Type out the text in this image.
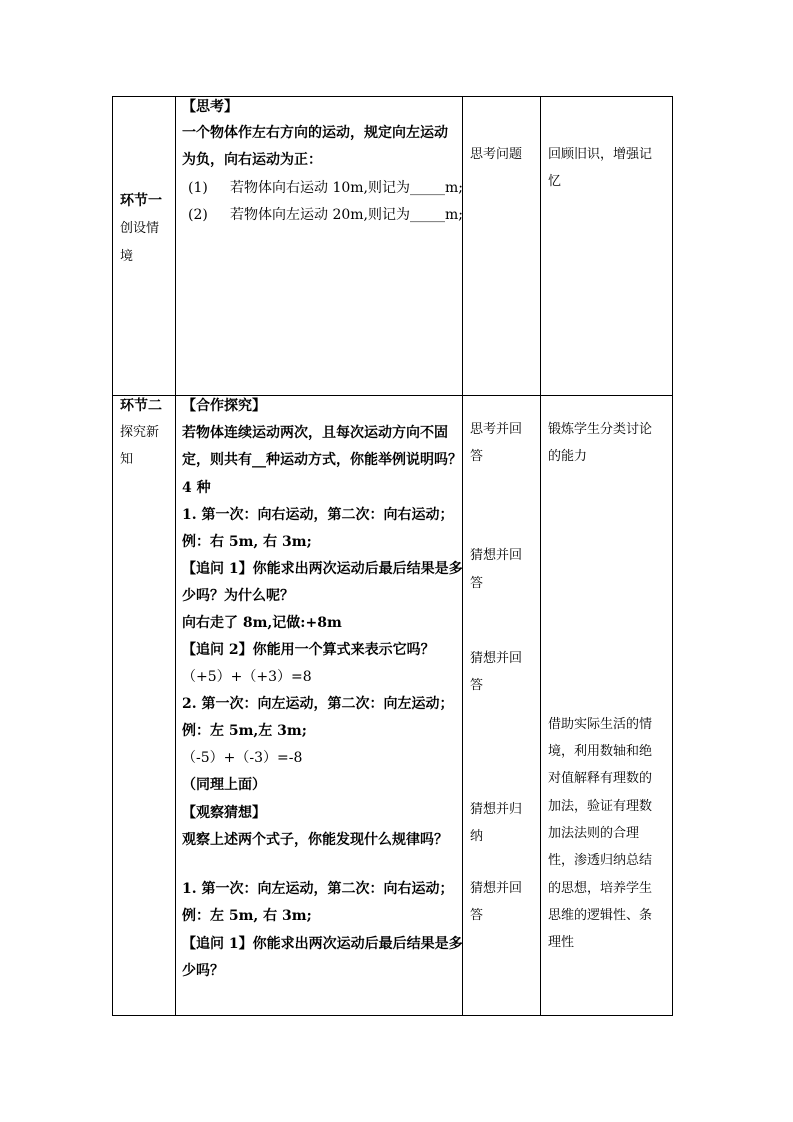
环节一
创设情
境
【思考】
一个物体作左右方向的运动，规定向左运动
为负，向右运动为正：
(1) 若物体向右运动 10m,则记为_____m;
(2) 若物体向左运动 20m,则记为_____m;
思考问题 回顾旧识，增强记
忆
环节二
探究新
知
【合作探究】
若物体连续运动两次，且每次运动方向不固
定，则共有__种运动方式，你能举例说明吗？
4 种
1. 第一次：向右运动，第二次：向右运动；
例：右 5m, 右 3m;
【追问 1】你能求出两次运动后最后结果是多
少吗？为什么呢？
向右走了 8m,记做:+8m
【追问 2】你能用一个算式来表示它吗？
（+5）+（+3）=8
2. 第一次：向左运动，第二次：向左运动；
例：左 5m,左 3m;
（-5）+（-3）=-8
（同理上面）
【观察猜想】
观察上述两个式子，你能发现什么规律吗？
1. 第一次：向左运动，第二次：向右运动；
例：左 5m, 右 3m;
【追问 1】你能求出两次运动后最后结果是多
少吗？
思考并回
答
猜想并回
答
猜想并回
答
猜想并归
纳
猜想并回
答
锻炼学生分类讨论
的能力
借助实际生活的情
境，利用数轴和绝
对值解释有理数的
加法，验证有理数
加法法则的合理
性，渗透归纳总结
的思想，培养学生
思维的逻辑性、条
理性
